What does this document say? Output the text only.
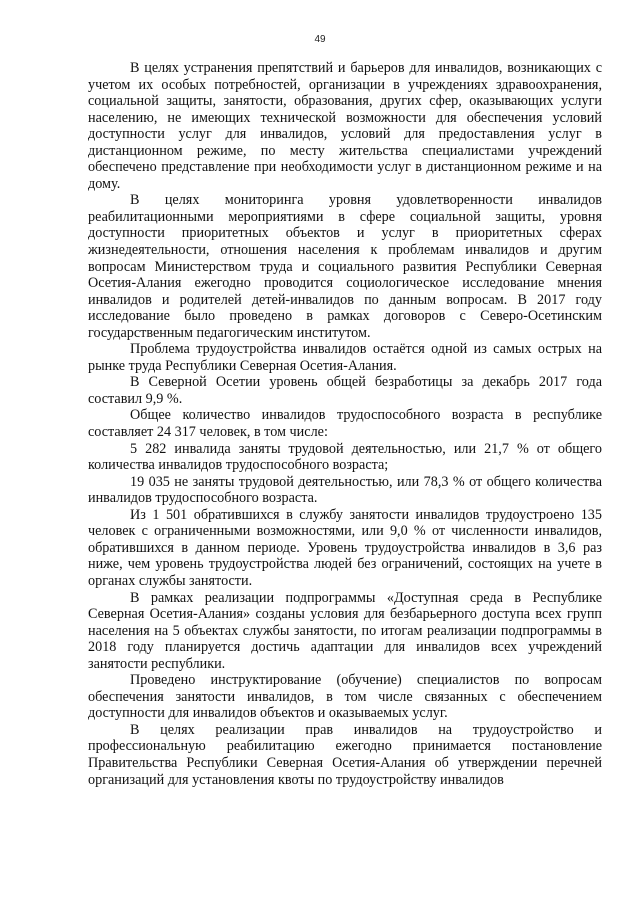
49

В целях устранения препятствий и барьеров для инвалидов, возникающих с учетом их особых потребностей, организации в учреждениях здравоохранения, социальной защиты, занятости, образования, других сфер, оказывающих услуги населению, не имеющих технической возможности для обеспечения условий доступности услуг для инвалидов, условий для предоставления услуг в дистанционном режиме, по месту жительства специалистами учреждений обеспечено представление при необходимости услуг в дистанционном режиме и на дому.

В целях мониторинга уровня удовлетворенности инвалидов реабилитационными мероприятиями в сфере социальной защиты, уровня доступности приоритетных объектов и услуг в приоритетных сферах жизнедеятельности, отношения населения к проблемам инвалидов и другим вопросам Министерством труда и социального развития Республики Северная Осетия-Алания ежегодно проводится социологическое исследование мнения инвалидов и родителей детей-инвалидов по данным вопросам. В 2017 году исследование было проведено в рамках договоров с Северо-Осетинским государственным педагогическим институтом.

Проблема трудоустройства инвалидов остаётся одной из самых острых на рынке труда Республики Северная Осетия-Алания.

В Северной Осетии уровень общей безработицы за декабрь 2017 года составил 9,9 %.

Общее количество инвалидов трудоспособного возраста в республике составляет 24 317 человек, в том числе:

5 282 инвалида заняты трудовой деятельностью, или 21,7 % от общего количества инвалидов трудоспособного возраста;

19 035 не заняты трудовой деятельностью, или 78,3 % от общего количества инвалидов трудоспособного возраста.

Из 1 501 обратившихся в службу занятости инвалидов трудоустроено 135 человек с ограниченными возможностями, или 9,0 % от численности инвалидов, обратившихся в данном периоде. Уровень трудоустройства инвалидов в 3,6 раз ниже, чем уровень трудоустройства людей без ограничений, состоящих на учете в органах службы занятости.

В рамках реализации подпрограммы «Доступная среда в Республике Северная Осетия-Алания» созданы условия для безбарьерного доступа всех групп населения на 5 объектах службы занятости, по итогам реализации подпрограммы в 2018 году планируется достичь адаптации для инвалидов всех учреждений занятости республики.

Проведено инструктирование (обучение) специалистов по вопросам обеспечения занятости инвалидов, в том числе связанных с обеспечением доступности для инвалидов объектов и оказываемых услуг.

В целях реализации прав инвалидов на трудоустройство и профессиональную реабилитацию ежегодно принимается постановление Правительства Республики Северная Осетия-Алания об утверждении перечней организаций для установления квоты по трудоустройству инвалидов
